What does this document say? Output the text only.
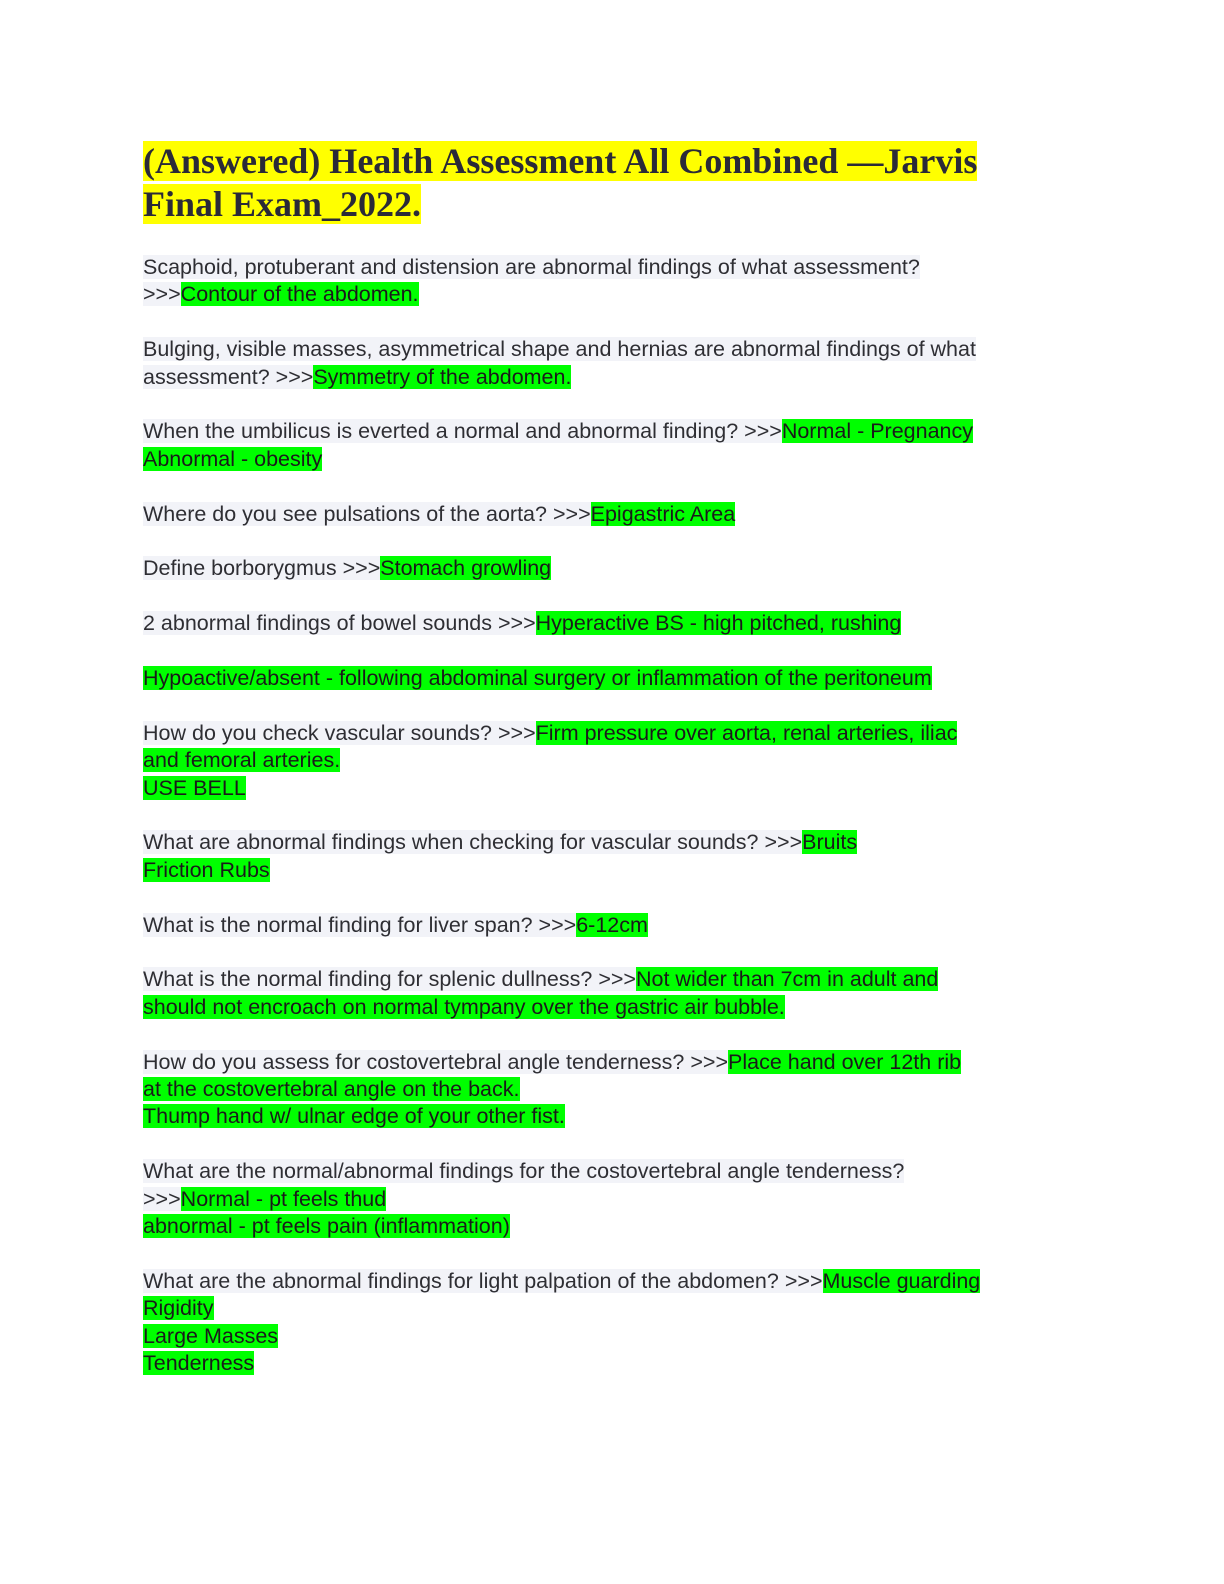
(Answered) Health Assessment All Combined —Jarvis
Final Exam_2022.
Scaphoid, protuberant and distension are abnormal findings of what assessment?
>>>Contour of the abdomen.
Bulging, visible masses, asymmetrical shape and hernias are abnormal findings of what
assessment? >>>Symmetry of the abdomen.
When the umbilicus is everted a normal and abnormal finding? >>>Normal - Pregnancy
Abnormal - obesity
Where do you see pulsations of the aorta? >>>Epigastric Area
Define borborygmus >>>Stomach growling
2 abnormal findings of bowel sounds >>>Hyperactive BS - high pitched, rushing
Hypoactive/absent - following abdominal surgery or inflammation of the peritoneum
How do you check vascular sounds? >>>Firm pressure over aorta, renal arteries, iliac
and femoral arteries.
USE BELL
What are abnormal findings when checking for vascular sounds? >>>Bruits
Friction Rubs
What is the normal finding for liver span? >>>6-12cm
What is the normal finding for splenic dullness? >>>Not wider than 7cm in adult and
should not encroach on normal tympany over the gastric air bubble.
How do you assess for costovertebral angle tenderness? >>>Place hand over 12th rib
at the costovertebral angle on the back.
Thump hand w/ ulnar edge of your other fist.
What are the normal/abnormal findings for the costovertebral angle tenderness?
>>>Normal - pt feels thud
abnormal - pt feels pain (inflammation)
What are the abnormal findings for light palpation of the abdomen? >>>Muscle guarding
Rigidity
Large Masses
Tenderness
